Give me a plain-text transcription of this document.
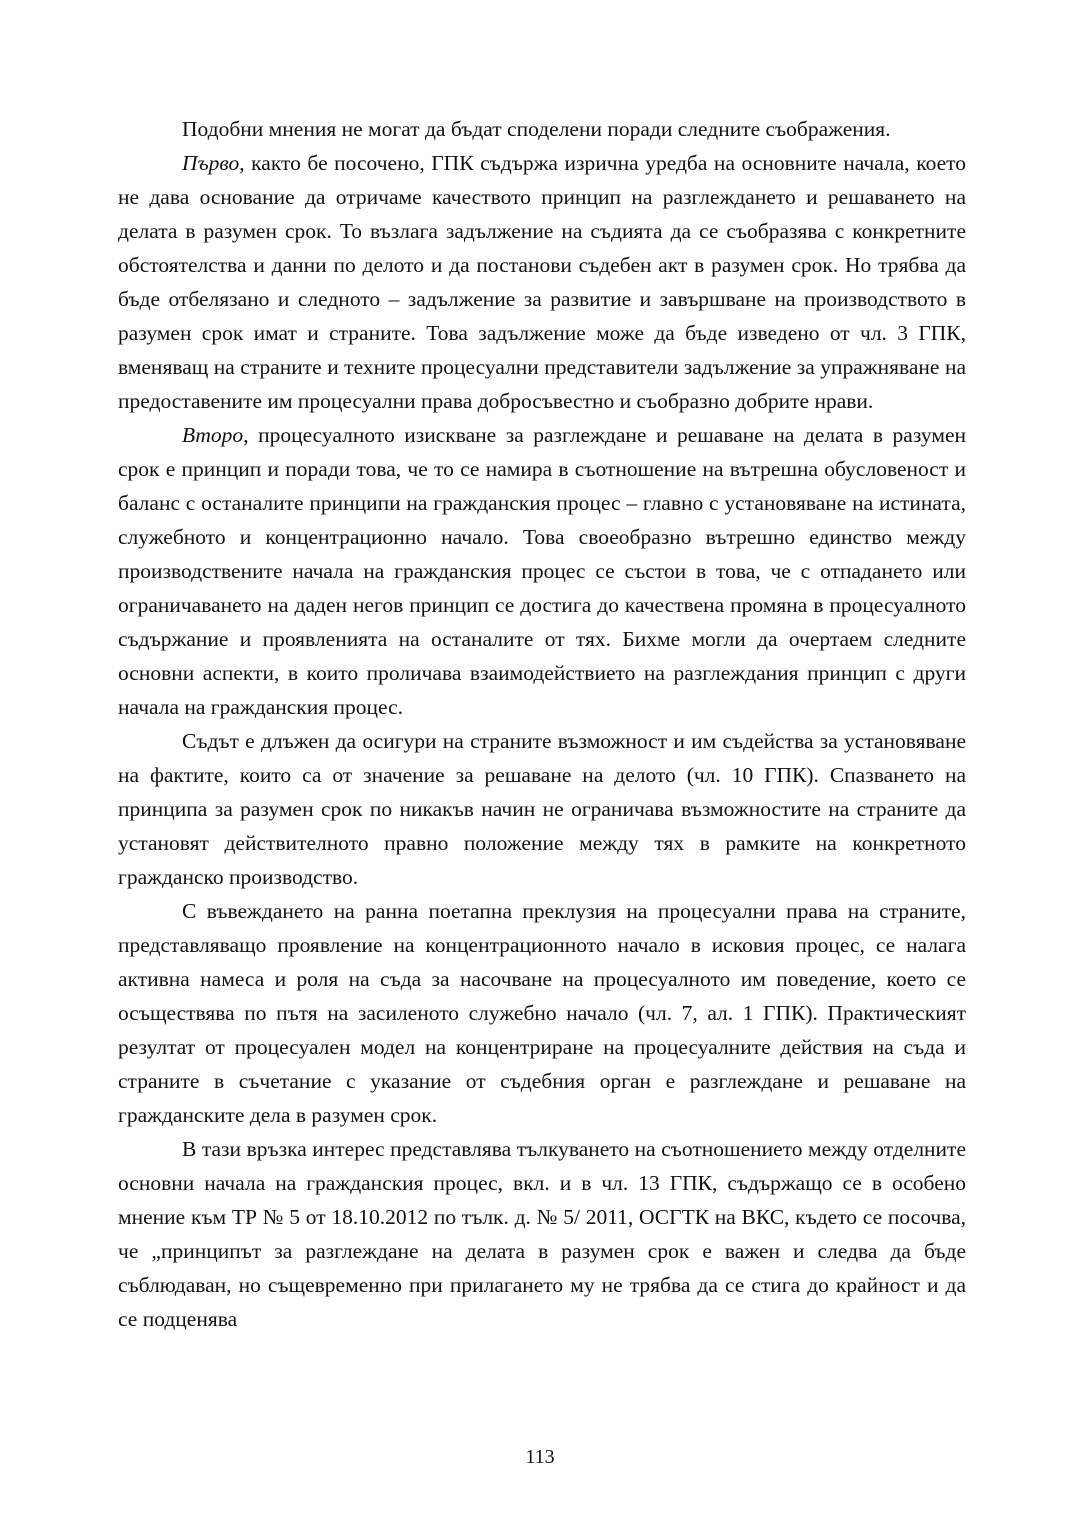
Подобни мнения не могат да бъдат споделени поради следните съображения.

Първо, както бе посочено, ГПК съдържа изрична уредба на основните начала, което не дава основание да отричаме качеството принцип на разглеждането и решаването на делата в разумен срок. То възлага задължение на съдията да се съобразява с конкретните обстоятелства и данни по делото и да постанови съдебен акт в разумен срок. Но трябва да бъде отбелязано и следното – задължение за развитие и завършване на производството в разумен срок имат и страните. Това задължение може да бъде изведено от чл. 3 ГПК, вменяващ на страните и техните процесуални представители задължение за упражняване на предоставените им процесуални права добросъвестно и съобразно добрите нрави.

Второ, процесуалното изискване за разглеждане и решаване на делата в разумен срок е принцип и поради това, че то се намира в съотношение на вътрешна обусловеност и баланс с останалите принципи на гражданския процес – главно с установяване на истината, служебното и концентрационно начало. Това своеобразно вътрешно единство между производствените начала на гражданския процес се състои в това, че с отпадането или ограничаването на даден негов принцип се достига до качествена промяна в процесуалното съдържание и проявленията на останалите от тях. Бихме могли да очертаем следните основни аспекти, в които проличава взаимодействието на разглеждания принцип с други начала на гражданския процес.

Съдът е длъжен да осигури на страните възможност и им съдейства за установяване на фактите, които са от значение за решаване на делото (чл. 10 ГПК). Спазването на принципа за разумен срок по никакъв начин не ограничава възможностите на страните да установят действителното правно положение между тях в рамките на конкретното гражданско производство.

С въвеждането на ранна поетапна преклузия на процесуални права на страните, представляващо проявление на концентрационното начало в исковия процес, се налага активна намеса и роля на съда за насочване на процесуалното им поведение, което се осъществява по пътя на засиленото служебно начало (чл. 7, ал. 1 ГПК). Практическият резултат от процесуален модел на концентриране на процесуалните действия на съда и страните в съчетание с указание от съдебния орган е разглеждане и решаване на гражданските дела в разумен срок.

В тази връзка интерес представлява тълкуването на съотношението между отделните основни начала на гражданския процес, вкл. и в чл. 13 ГПК, съдържащо се в особено мнение към ТР № 5 от 18.10.2012 по тълк. д. № 5/ 2011, ОСГТК на ВКС, където се посочва, че „принципът за разглеждане на делата в разумен срок е важен и следва да бъде съблюдаван, но същевременно при прилагането му не трябва да се стига до крайност и да се подценява

113
